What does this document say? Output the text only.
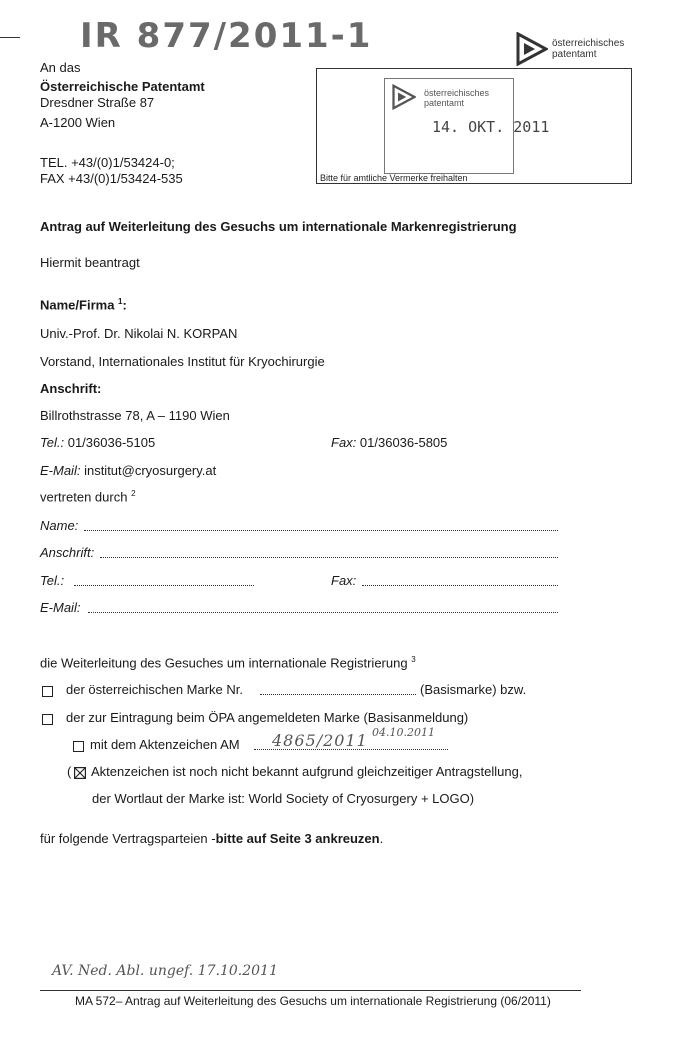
IR 877/2011-1
An das
Österreichische Patentamt
Dresdner Straße 87
A-1200 Wien
TEL. +43/(0)1/53424-0;
FAX +43/(0)1/53424-535
österreichisches
patentamt
österreichisches
patentamt
14. OKT. 2011
Bitte für amtliche Vermerke freihalten
Antrag auf Weiterleitung des Gesuchs um internationale Markenregistrierung
Hiermit beantragt
Name/Firma $^1$:
Univ.-Prof. Dr. Nikolai N. KORPAN
Vorstand, Internationales Institut für Kryochirurgie
Anschrift:
Billrothstrasse 78, A – 1190 Wien
Tel.: 01/36036-5105	Fax: 01/36036-5805
E-Mail: institut@cryosurgery.at
vertreten durch $^2$
Name:
Anschrift:
Tel.:	Fax:
E-Mail:
die Weiterleitung des Gesuches um internationale Registrierung $^3$
der österreichischen Marke Nr.	(Basismarke) bzw.
der zur Eintragung beim ÖPA angemeldeten Marke (Basisanmeldung)
mit dem Aktenzeichen AM 4865/2011 04.10.2011
( Aktenzeichen ist noch nicht bekannt aufgrund gleichzeitiger Antragstellung,
der Wortlaut der Marke ist: World Society of Cryosurgery + LOGO)
für folgende Vertragsparteien -bitte auf Seite 3 ankreuzen.
AV. Ned. Abl. ungef. 17.10.2011
MA 572– Antrag auf Weiterleitung des Gesuchs um internationale Registrierung (06/2011)
